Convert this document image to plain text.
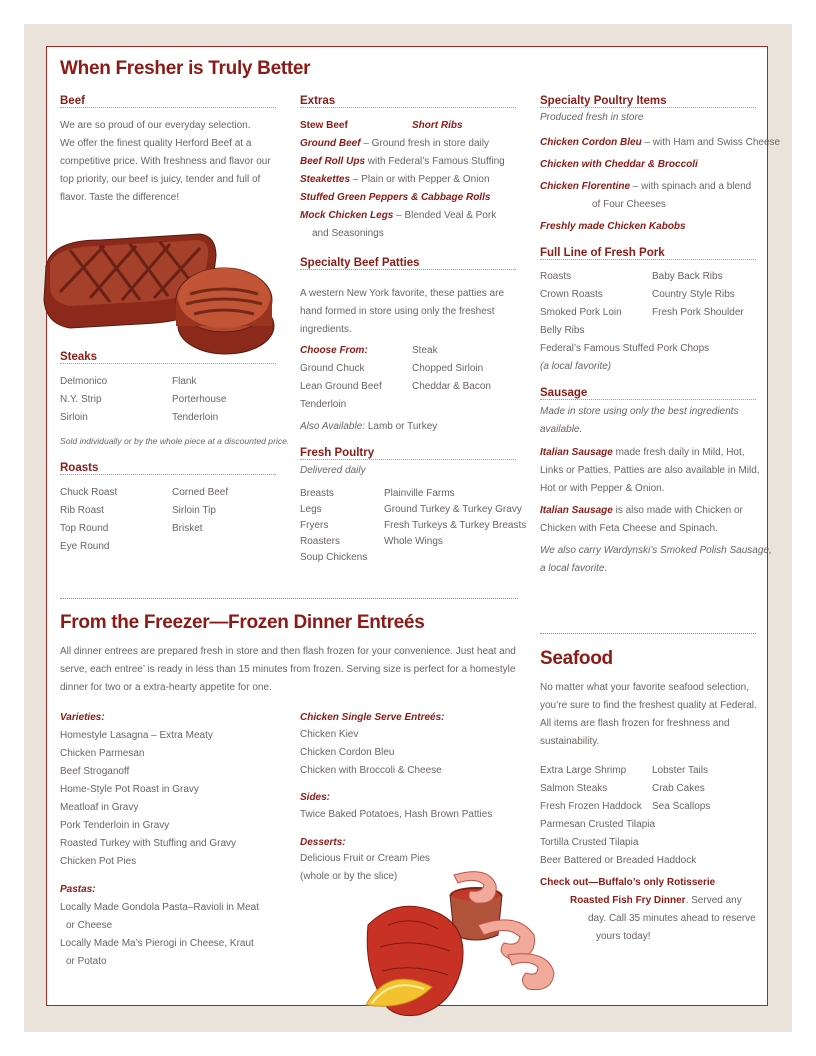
When Fresher is Truly Better
Beef
We are so proud of our everyday selection.
We offer the finest quality Herford Beef at a
competitive price. With freshness and flavor our
top priority, our beef is juicy, tender and full of
flavor. Taste the difference!
Steaks
Delmonico
N.Y. Strip
Sirloin
Flank
Porterhouse
Tenderloin
Sold individually or by the whole piece at a discounted price.
Roasts
Chuck Roast
Rib Roast
Top Round
Eye Round
Corned Beef
Sirloin Tip
Brisket
Extras
Stew Beef	Short Ribs
Ground Beef – Ground fresh in store daily
Beef Roll Ups with Federal’s Famous Stuffing
Steakettes – Plain or with Pepper & Onion
Stuffed Green Peppers & Cabbage Rolls
Mock Chicken Legs – Blended Veal & Pork
and Seasonings
Specialty Beef Patties
A western New York favorite, these patties are
hand formed in store using only the freshest
ingredients.
Choose From:
Ground Chuck
Lean Ground Beef
Tenderloin
Steak
Chopped Sirloin
Cheddar & Bacon
Also Available: Lamb or Turkey
Fresh Poultry
Delivered daily
Breasts
Legs
Fryers
Roasters
Soup Chickens
Plainville Farms
Ground Turkey & Turkey Gravy
Fresh Turkeys & Turkey Breasts
Whole Wings
Specialty Poultry Items
Produced fresh in store
Chicken Cordon Bleu – with Ham and Swiss Cheese
Chicken with Cheddar & Broccoli
Chicken Florentine – with spinach and a blend
of Four Cheeses
Freshly made Chicken Kabobs
Full Line of Fresh Pork
Roasts
Crown Roasts
Smoked Pork Loin
Belly Ribs
Federal’s Famous Stuffed Pork Chops
(a local favorite)
Baby Back Ribs
Country Style Ribs
Fresh Pork Shoulder
Sausage
Made in store using only the best ingredients
available.
Italian Sausage made fresh daily in Mild, Hot,
Links or Patties. Patties are also available in Mild,
Hot or with Pepper & Onion.
Italian Sausage is also made with Chicken or
Chicken with Feta Cheese and Spinach.
We also carry Wardynski’s Smoked Polish Sausage,
a local favorite.
From the Freezer—Frozen Dinner Entreés
All dinner entrees are prepared fresh in store and then flash frozen for your convenience. Just heat and
serve, each entree’ is ready in less than 15 minutes from frozen. Serving size is perfect for a homestyle
dinner for two or a extra-hearty appetite for one.
Varieties:
Homestyle Lasagna – Extra Meaty
Chicken Parmesan
Beef Stroganoff
Home-Style Pot Roast in Gravy
Meatloaf in Gravy
Pork Tenderloin in Gravy
Roasted Turkey with Stuffing and Gravy
Chicken Pot Pies
Pastas:
Locally Made Gondola Pasta–Ravioli in Meat
or Cheese
Locally Made Ma’s Pierogi in Cheese, Kraut
or Potato
Chicken Single Serve Entreés:
Chicken Kiev
Chicken Cordon Bleu
Chicken with Broccoli & Cheese
Sides:
Twice Baked Potatoes, Hash Brown Patties
Desserts:
Delicious Fruit or Cream Pies
(whole or by the slice)
Seafood
No matter what your favorite seafood selection,
you’re sure to find the freshest quality at Federal.
All items are flash frozen for freshness and
sustainability.
Extra Large Shrimp
Salmon Steaks
Fresh Frozen Haddock
Parmesan Crusted Tilapia
Tortilla Crusted Tilapia
Beer Battered or Breaded Haddock
Lobster Tails
Crab Cakes
Sea Scallops
Check out—Buffalo’s only Rotisserie
Roasted Fish Fry Dinner. Served any
day. Call 35 minutes ahead to reserve
yours today!
